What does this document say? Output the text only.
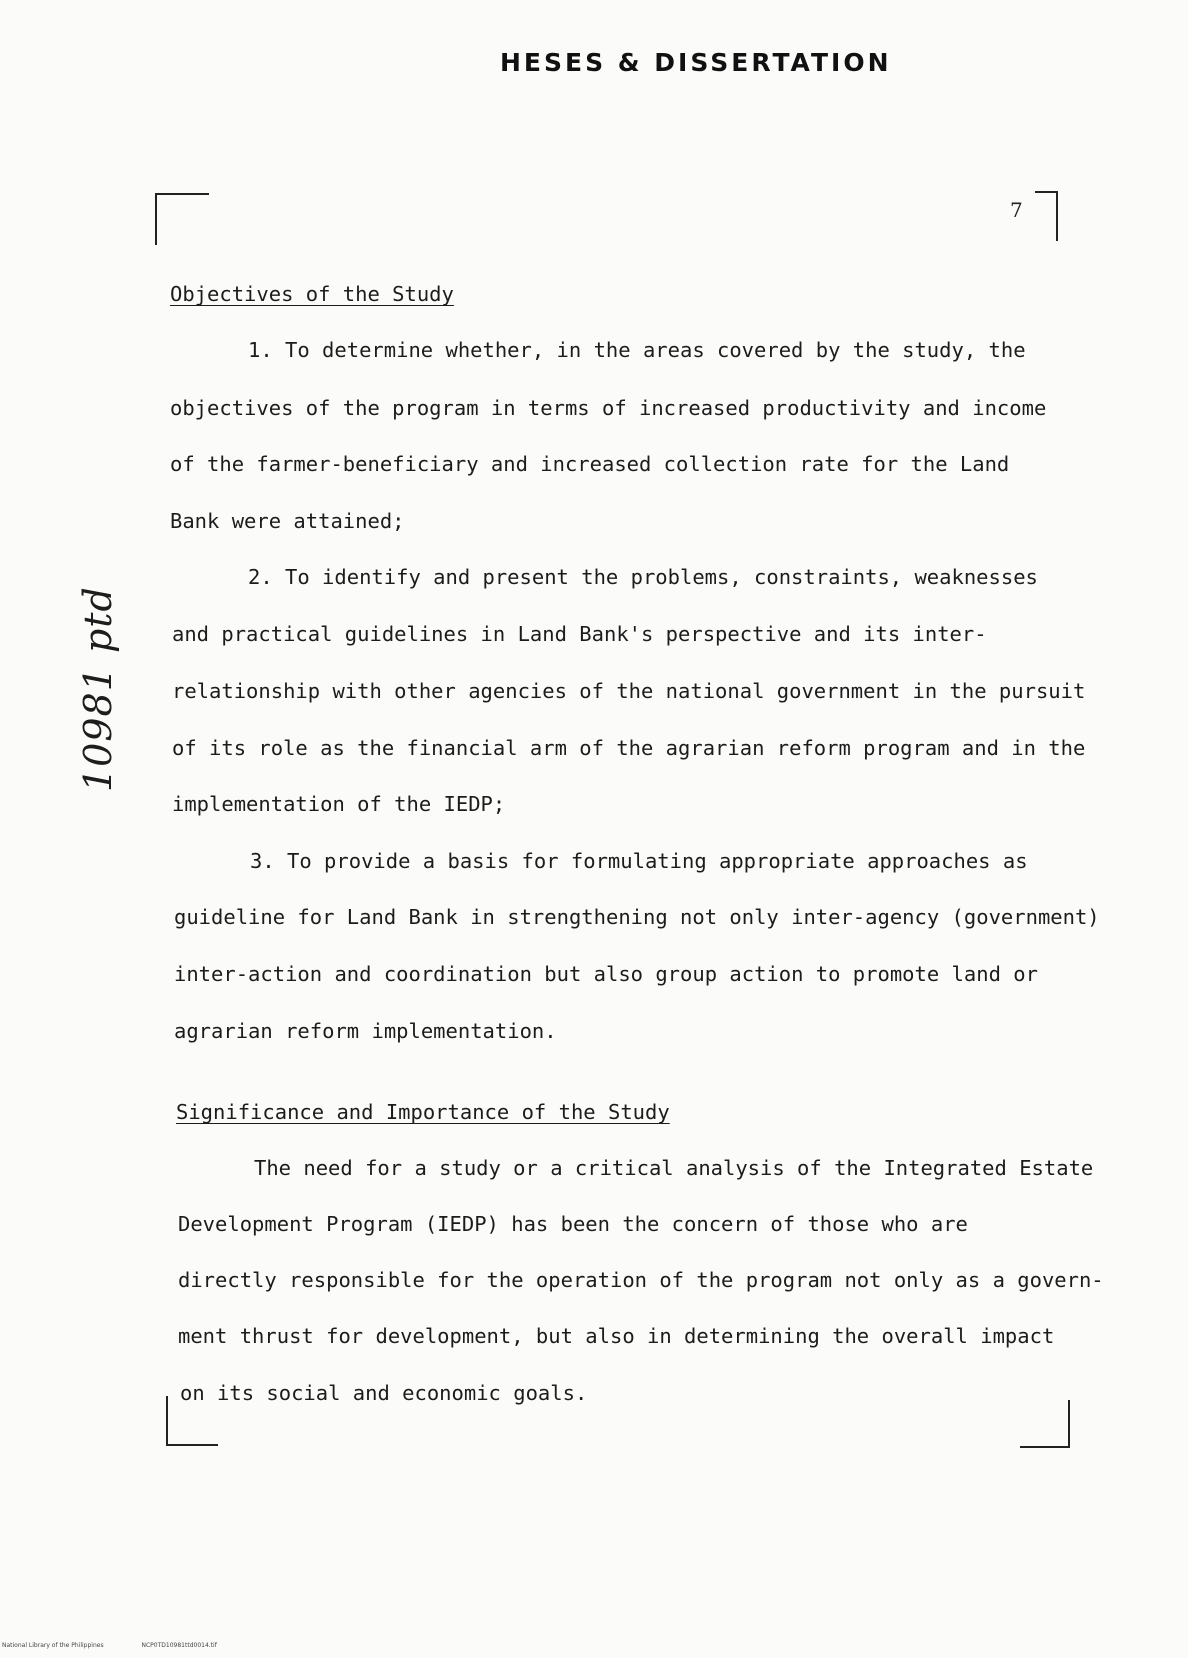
HESES & DISSERTATION
7
10981 ptd
Objectives of the Study
1. To determine whether, in the areas covered by the study, the
objectives of the program in terms of increased productivity and income
of the farmer-beneficiary and increased collection rate for the Land
Bank were attained;
2. To identify and present the problems, constraints, weaknesses
and practical guidelines in Land Bank's perspective and its inter-
relationship with other agencies of the national government in the pursuit
of its role as the financial arm of the agrarian reform program and in the
implementation of the IEDP;
3. To provide a basis for formulating appropriate approaches as
guideline for Land Bank in strengthening not only inter-agency (government)
inter-action and coordination but also group action to promote land or
agrarian reform implementation.
Significance and Importance of the Study
The need for a study or a critical analysis of the Integrated Estate
Development Program (IEDP) has been the concern of those who are
directly responsible for the operation of the program not only as a govern-
ment thrust for development, but also in determining the overall impact
on its social and economic goals.
National Library of the Philippines	NCP0TD10981ttd0014.tif
